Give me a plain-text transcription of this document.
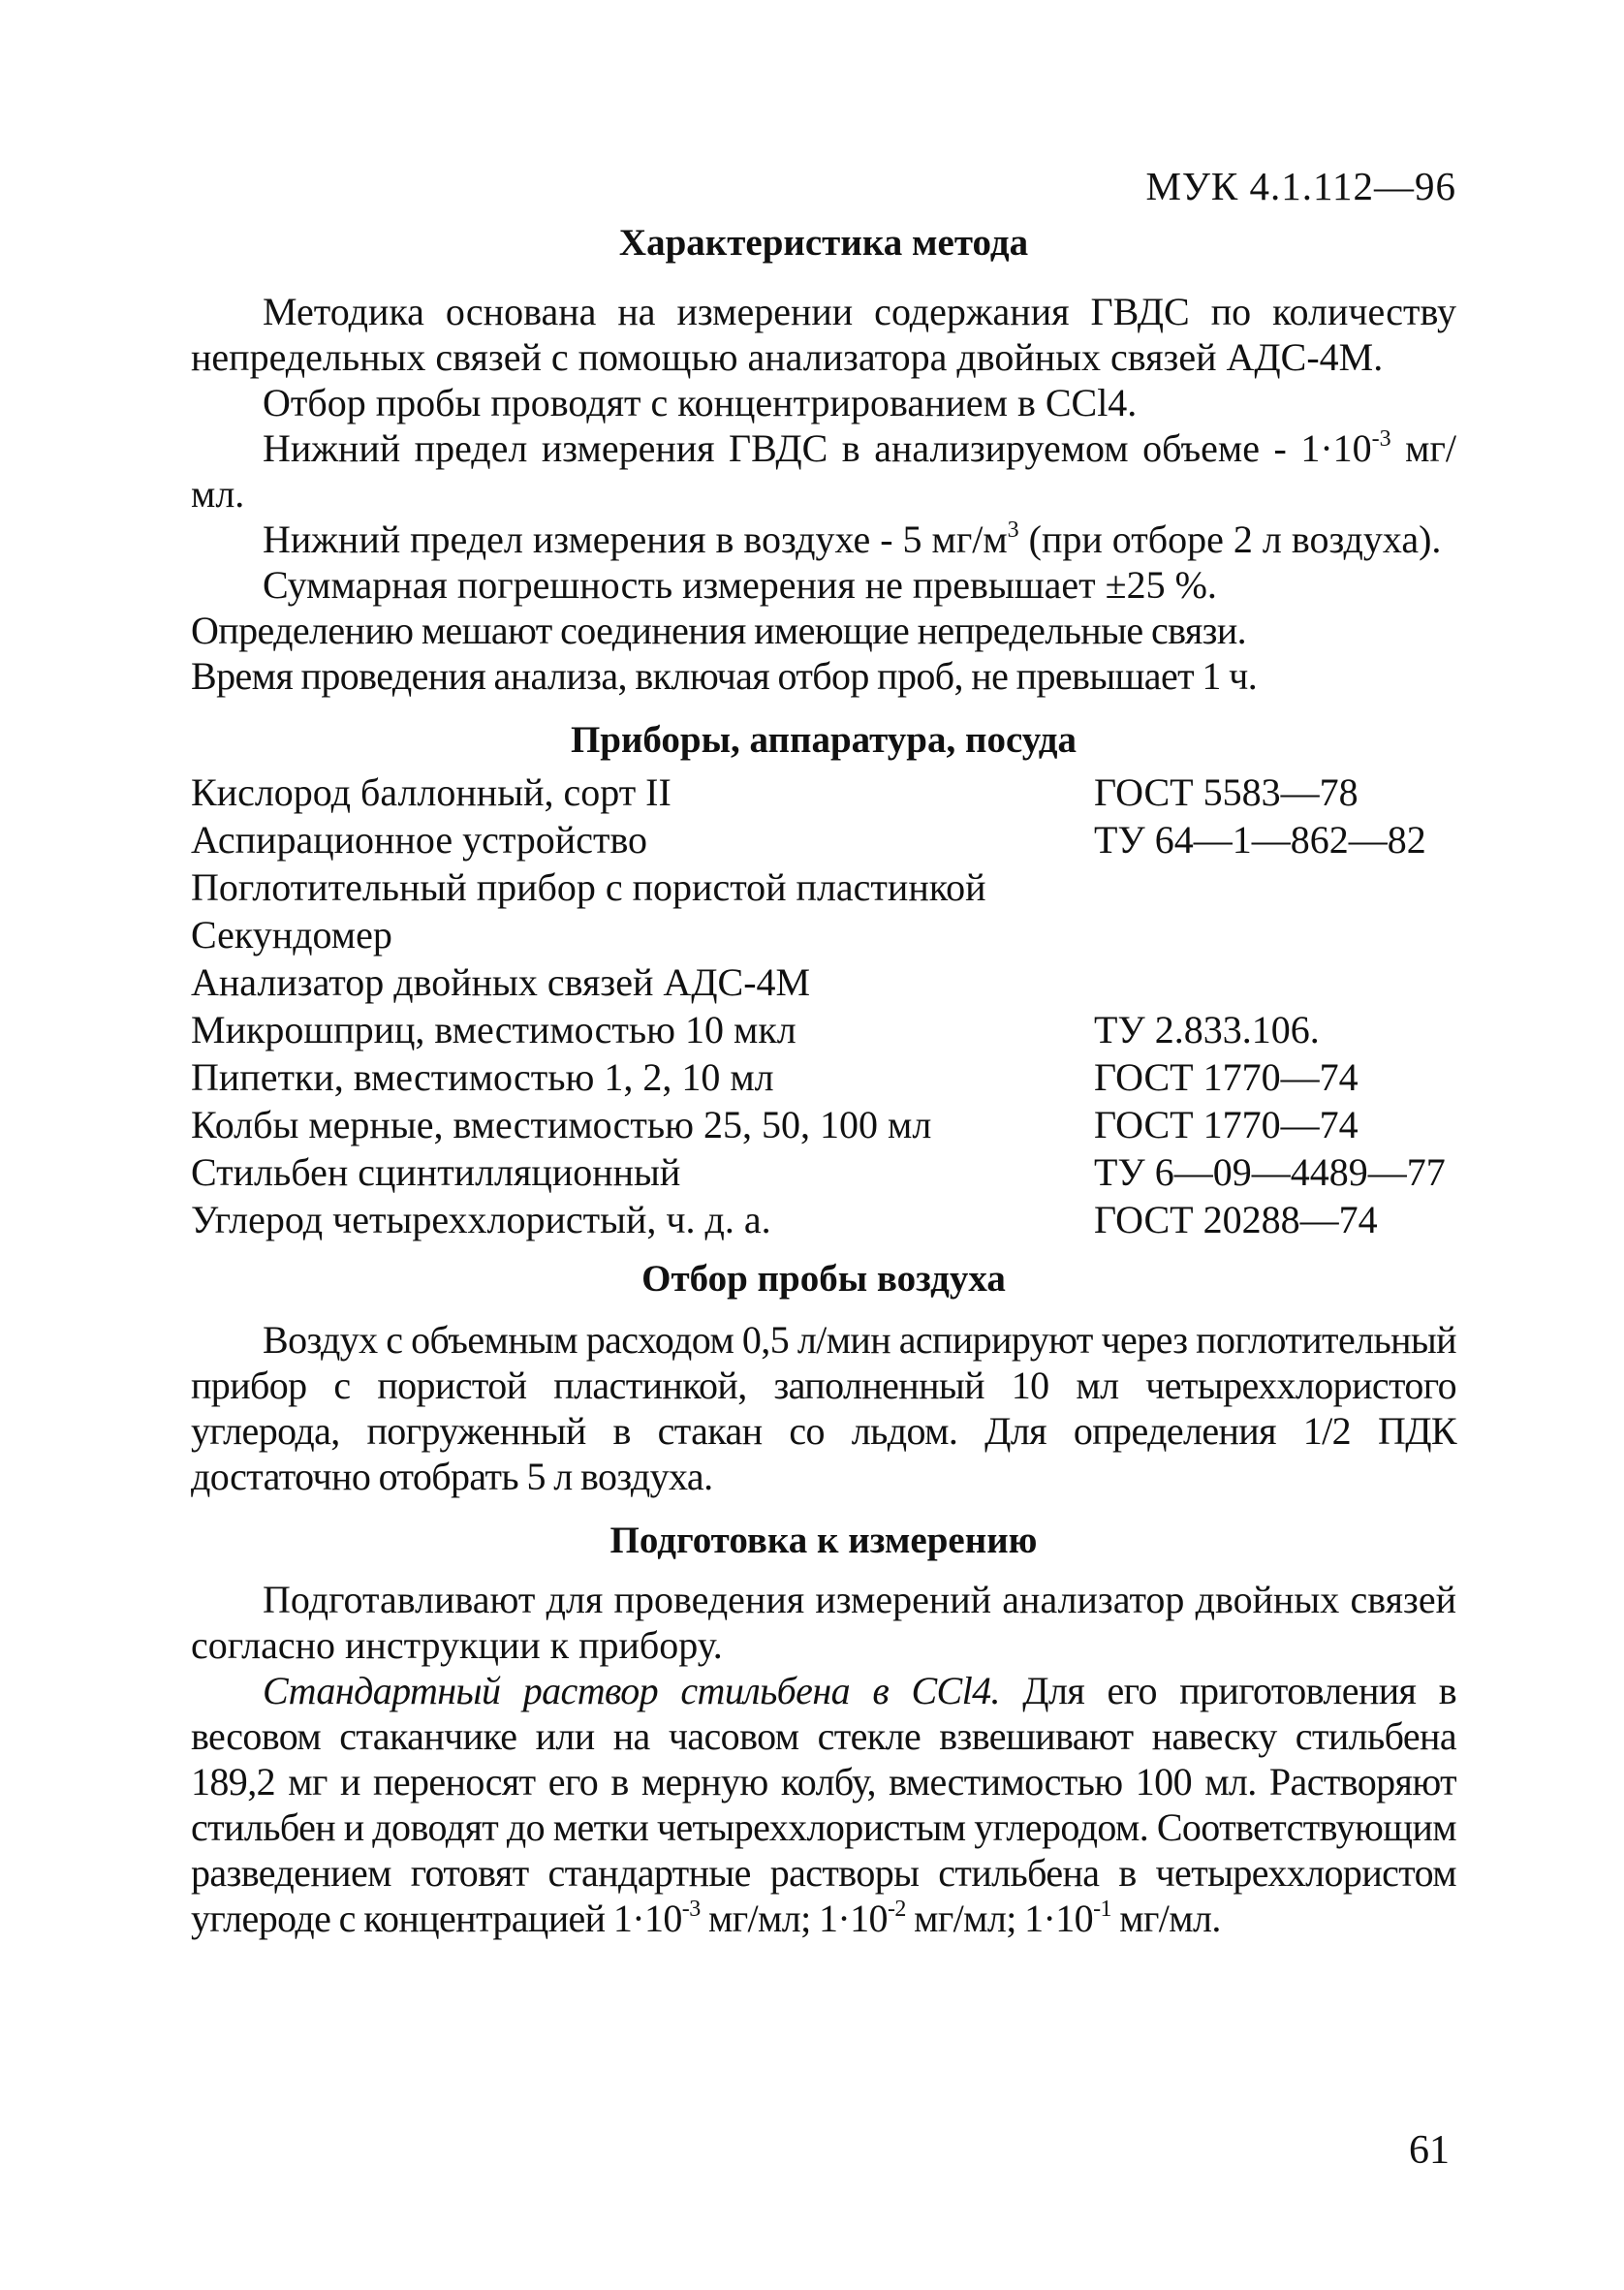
МУК 4.1.112—96
Характеристика метода

Методика основана на измерении содержания ГВДС по количеству непредельных связей с помощью анализатора двойных связей АДС-4М.

Отбор пробы проводят с концентрированием в CCl4.

Нижний предел измерения ГВДС в анализируемом объеме - $1\cdot 10^{-3}$ мг/мл.

Нижний предел измерения в воздухе - 5 $мг/м^3$ (при отборе 2 л воздуха).

Суммарная погрешность измерения не превышает ±25 %.

Определению мешают соединения имеющие непредельные связи.

Время проведения анализа, включая отбор проб, не превышает 1 ч.

Приборы, аппаратура, посуда
Кислород баллонный, сорт II	ГОСТ 5583—78
Аспирационное устройство	ТУ 64—1—862—82
Поглотительный прибор с пористой пластинкой
Секундомер
Анализатор двойных связей АДС-4М
Микрошприц, вместимостью 10 мкл	ТУ 2.833.106.
Пипетки, вместимостью 1, 2, 10 мл	ГОСТ 1770—74
Колбы мерные, вместимостью 25, 50, 100 мл	ГОСТ 1770—74
Стильбен сцинтилляционный	ТУ 6—09—4489—77
Углерод четыреххлористый, ч. д. а.	ГОСТ 20288—74
Отбор пробы воздуха

Воздух с объемным расходом 0,5 л/мин аспирируют через поглотительный прибор с пористой пластинкой, заполненный 10 мл четыреххлористого углерода, погруженный в стакан со льдом. Для определения 1/2 ПДК достаточно отобрать 5 л воздуха.

Подготовка к измерению

Подготавливают для проведения измерений анализатор двойных связей согласно инструкции к прибору.

Стандартный раствор стильбена в CCl4. Для его приготовления в весовом стаканчике или на часовом стекле взвешивают навеску стильбена 189,2 мг и переносят его в мерную колбу, вместимостью 100 мл. Растворяют стильбен и доводят до метки четыреххлористым углеродом. Соответствующим разведением готовят стандартные растворы стильбена в четыреххлористом углероде с концентрацией $1\cdot 10^{-3}$ мг/мл; $1\cdot 10^{-2}$ мг/мл; $1\cdot 10^{-1}$ мг/мл.

61
